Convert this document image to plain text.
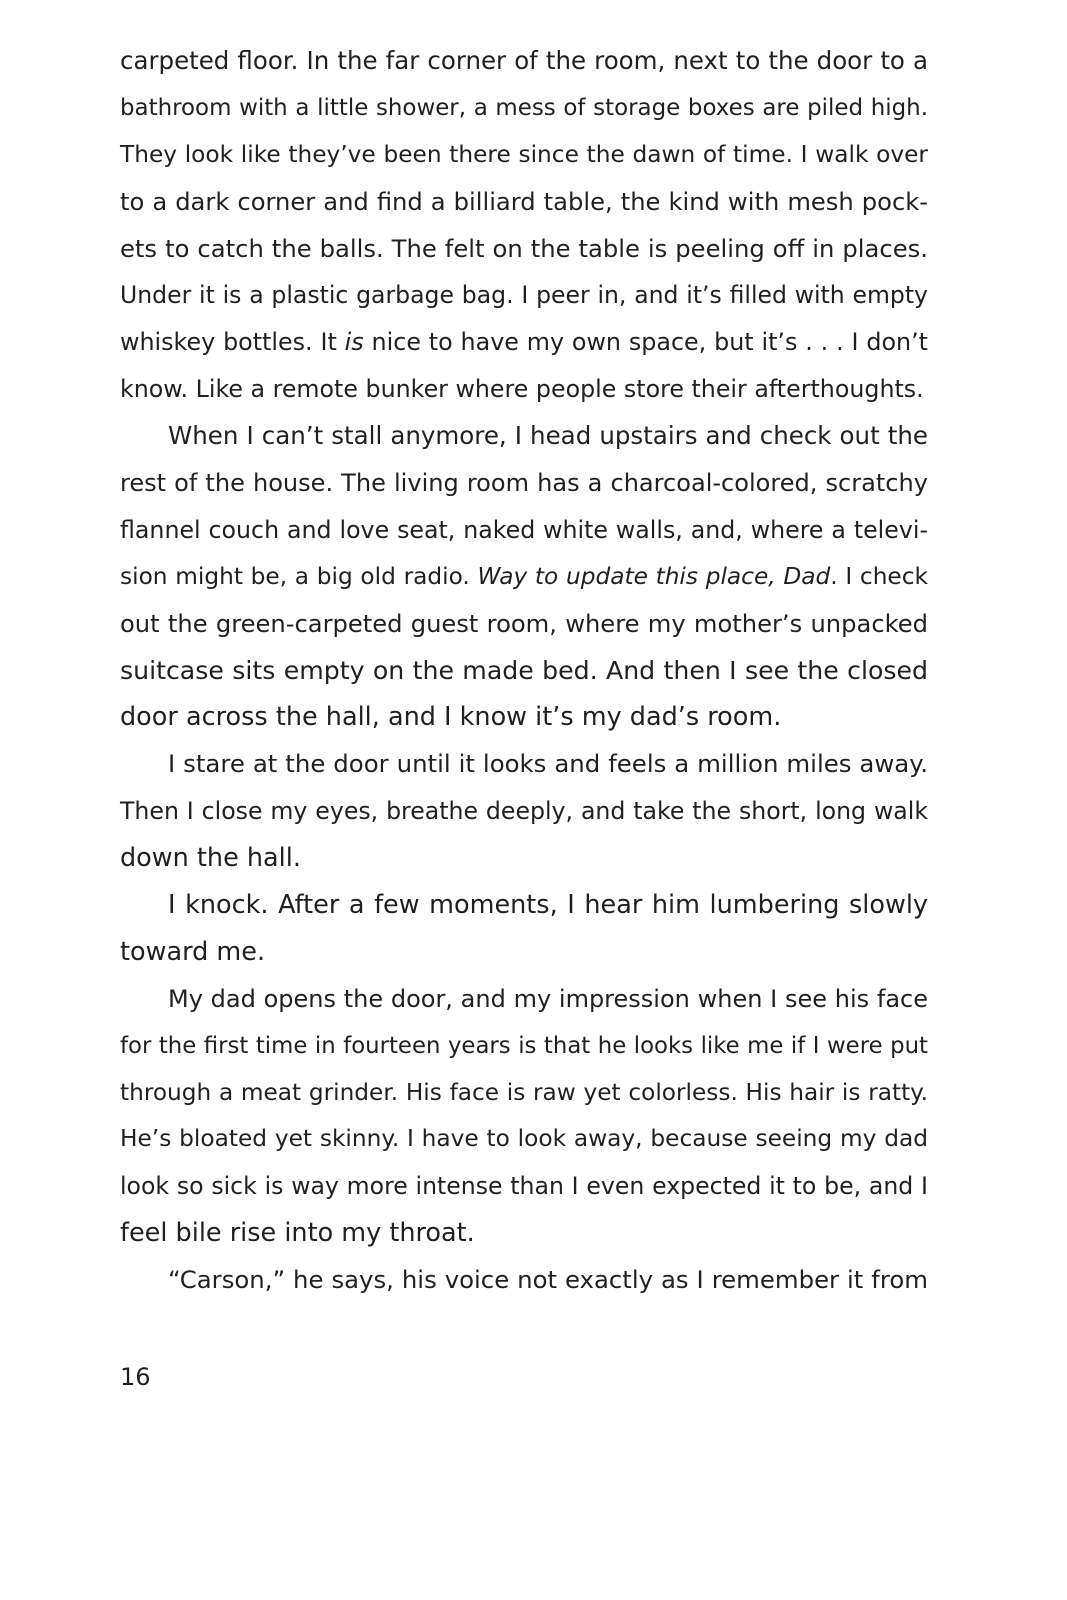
carpeted floor. In the far corner of the room, next to the door to a
bathroom with a little shower, a mess of storage boxes are piled high.
They look like they’ve been there since the dawn of time. I walk over
to a dark corner and find a billiard table, the kind with mesh pock-
ets to catch the balls. The felt on the table is peeling off in places.
Under it is a plastic garbage bag. I peer in, and it’s filled with empty
whiskey bottles. It is nice to have my own space, but it’s . . . I don’t
know. Like a remote bunker where people store their afterthoughts.
When I can’t stall anymore, I head upstairs and check out the
rest of the house. The living room has a charcoal-colored, scratchy
flannel couch and love seat, naked white walls, and, where a televi-
sion might be, a big old radio. Way to update this place, Dad. I check
out the green-carpeted guest room, where my mother’s unpacked
suitcase sits empty on the made bed. And then I see the closed
door across the hall, and I know it’s my dad’s room.
I stare at the door until it looks and feels a million miles away.
Then I close my eyes, breathe deeply, and take the short, long walk
down the hall.
I knock. After a few moments, I hear him lumbering slowly
toward me.
My dad opens the door, and my impression when I see his face
for the first time in fourteen years is that he looks like me if I were put
through a meat grinder. His face is raw yet colorless. His hair is ratty.
He’s bloated yet skinny. I have to look away, because seeing my dad
look so sick is way more intense than I even expected it to be, and I
feel bile rise into my throat.
“Carson,” he says, his voice not exactly as I remember it from
16
